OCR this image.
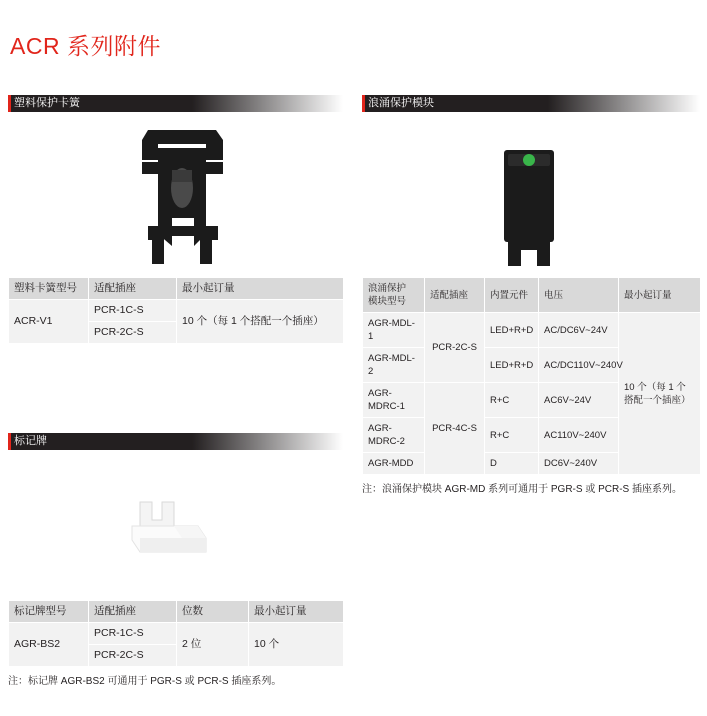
ACR 系列附件
塑料保护卡簧
塑料卡簧型号	适配插座	最小起订量
ACR-V1	PCR-1C-S	10 个（每 1 个搭配一个插座）
	PCR-2C-S	
浪涌保护模块
浪涌保护
模块型号	适配插座	内置元件	电压	最小起订量
AGR-MDL-1	PCR-2C-S	LED+R+D	AC/DC6V~24V	10 个（每 1 个
搭配一个插座）
AGR-MDL-2		LED+R+D	AC/DC110V~240V	
AGR-MDRC-1	PCR-4C-S	R+C	AC6V~24V	
AGR-MDRC-2		R+C	AC110V~240V	
AGR-MDD		D	DC6V~240V	
注：浪涌保护模块 AGR-MD 系列可通用于 PGR-S 或 PCR-S 插座系列。
标记牌
标记牌型号	适配插座	位数	最小起订量
AGR-BS2	PCR-1C-S	2 位	10 个
	PCR-2C-S		
注：标记牌 AGR-BS2 可通用于 PGR-S 或 PCR-S 插座系列。
